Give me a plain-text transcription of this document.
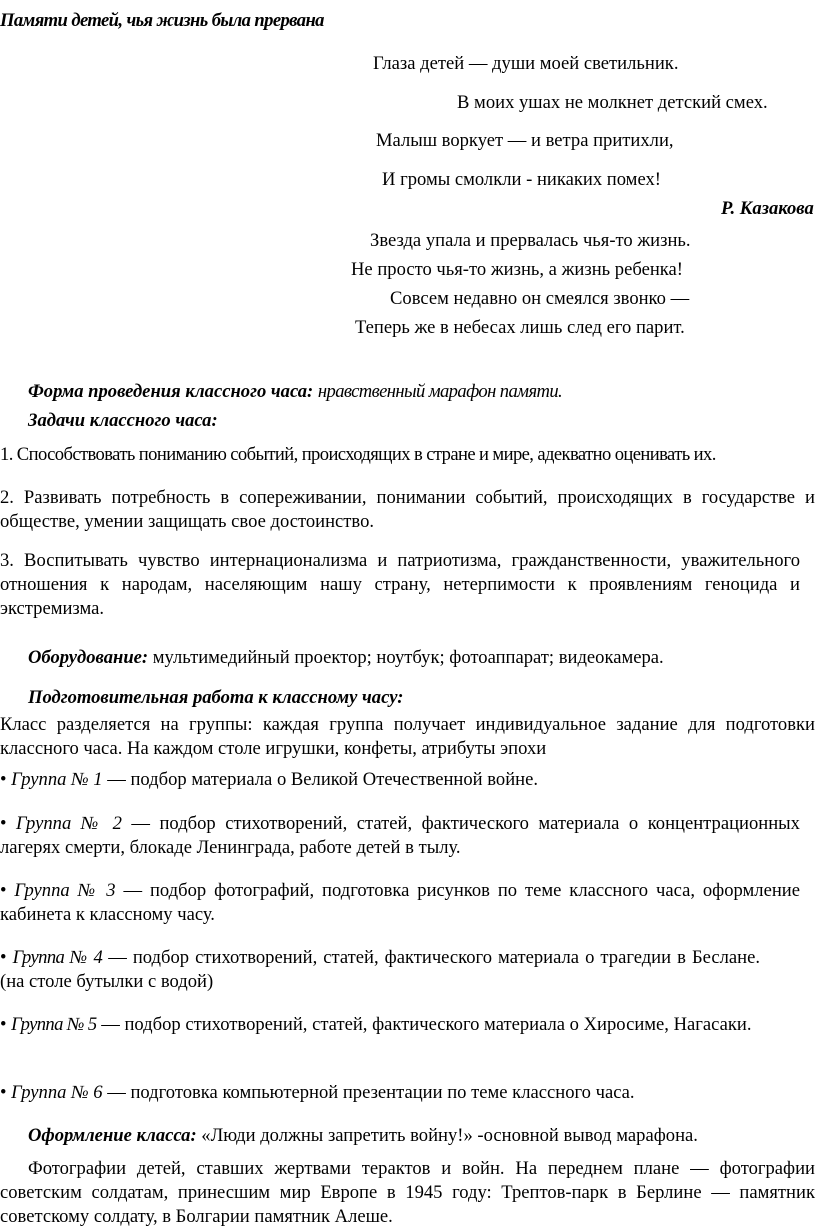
Памяти детей, чья жизнь была прервана
Глаза детей — души моей светильник.
В моих ушах не молкнет детский смех.
Малыш воркует — и ветра притихли,
И громы смолкли - никаких помех!
Р. Казакова
Звезда упала и прервалась чья-то жизнь.
Не просто чья-то жизнь, а жизнь ребенка!
Совсем недавно он смеялся звонко —
Теперь же в небесах лишь след его парит.
Форма проведения классного часа: нравственный марафон памяти.
Задачи классного часа:
1. Способствовать пониманию событий, происходящих в стране и мире, адекватно оценивать их.
2. Развивать потребность в сопереживании, понимании событий, происходящих в государстве и обществе, умении защищать свое достоинство.
3. Воспитывать чувство интернационализма и патриотизма, гражданственности, уважительного отношения к народам, населяющим нашу страну, нетерпимости к проявлениям геноцида и экстремизма.
Оборудование: мультимедийный проектор; ноутбук; фотоаппарат; видеокамера.
Подготовительная работа к классному часу:
Класс разделяется на группы: каждая группа получает индивидуальное задание для подготовки классного часа. На каждом столе игрушки, конфеты, атрибуты эпохи
• Группа № 1 — подбор материала о Великой Отечественной войне.
• Группа № 2 — подбор стихотворений, статей, фактического материала о концентрационных лагерях смерти, блокаде Ленинграда, работе детей в тылу.
• Группа № 3 — подбор фотографий, подготовка рисунков по теме классного часа, оформление кабинета к классному часу.
• Группа № 4 — подбор стихотворений, статей, фактического материала о трагедии в Беслане.(на столе бутылки с водой)
• Группа № 5 — подбор стихотворений, статей, фактического материала о Хиросиме, Нагасаки.
• Группа № 6 — подготовка компьютерной презентации по теме классного часа.
Оформление класса: «Люди должны запретить войну!» -основной вывод марафона.
Фотографии детей, ставших жертвами терактов и войн. На переднем плане — фотографии советским солдатам, принесшим мир Европе в 1945 году: Трептов-парк в Берлине — памятник советскому солдату, в Болгарии памятник Алеше.
